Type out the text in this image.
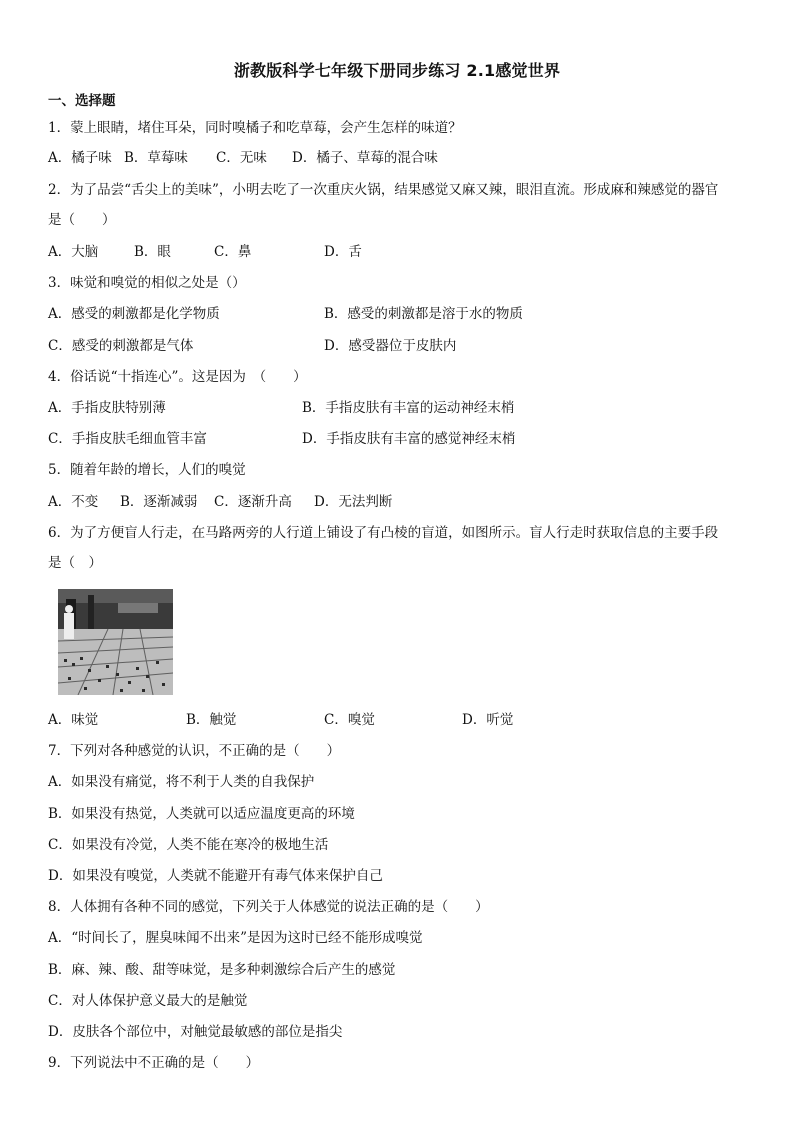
浙教版科学七年级下册同步练习 2.1感觉世界
一、选择题
1．蒙上眼睛，堵住耳朵，同时嗅橘子和吃草莓，会产生怎样的味道？
A．橘子味 B．草莓味 C．无味 D．橘子、草莓的混合味
2．为了品尝“舌尖上的美味”，小明去吃了一次重庆火锅，结果感觉又麻又辣，眼泪直流。形成麻和辣感觉的器官
是（　　）
A．大脑	B．眼	C．鼻	D．舌
3．味觉和嗅觉的相似之处是（）
A．感受的刺激都是化学物质	B．感受的刺激都是溶于水的物质
C．感受的刺激都是气体	D．感受器位于皮肤内
4．俗话说“十指连心”。这是因为　（　　）
A．手指皮肤特别薄	B．手指皮肤有丰富的运动神经末梢
C．手指皮肤毛细血管丰富	D．手指皮肤有丰富的感觉神经末梢
5．随着年龄的增长，人们的嗅觉
A．不变 B．逐渐减弱 C．逐渐升高 D．无法判断
6．为了方便盲人行走，在马路两旁的人行道上铺设了有凸棱的盲道，如图所示。盲人行走时获取信息的主要手段
是（　）
A．味觉	B．触觉	C．嗅觉	D．听觉
7．下列对各种感觉的认识，不正确的是（　　）
A．如果没有痛觉，将不利于人类的自我保护
B．如果没有热觉，人类就可以适应温度更高的环境
C．如果没有冷觉，人类不能在寒冷的极地生活
D．如果没有嗅觉，人类就不能避开有毒气体来保护自己
8．人体拥有各种不同的感觉，下列关于人体感觉的说法正确的是（　　）
A．“时间长了，腥臭味闻不出来”是因为这时已经不能形成嗅觉
B．麻、辣、酸、甜等味觉，是多种刺激综合后产生的感觉
C．对人体保护意义最大的是触觉
D．皮肤各个部位中，对触觉最敏感的部位是指尖
9．下列说法中不正确的是（　　）
